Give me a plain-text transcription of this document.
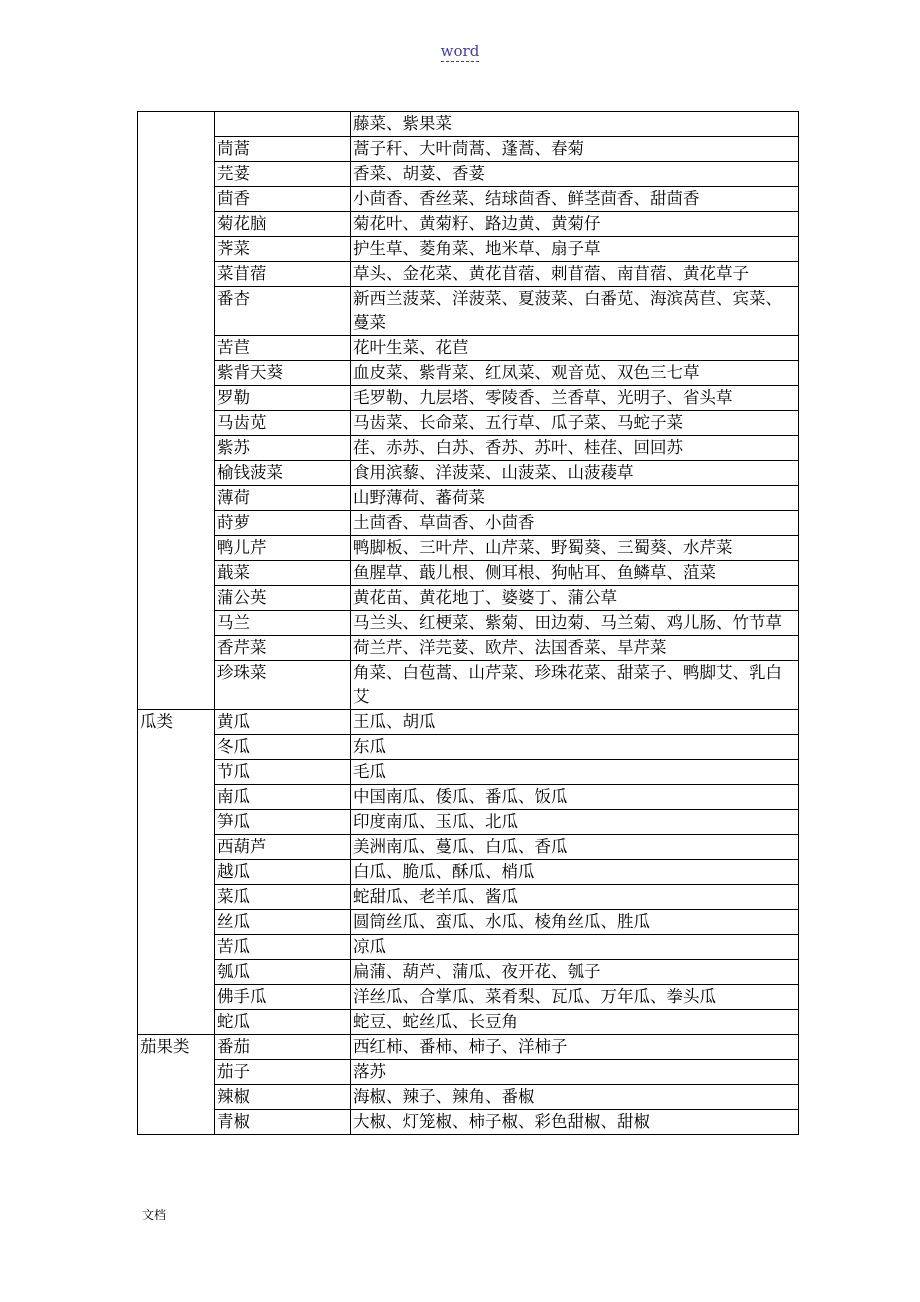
word
		藤菜、紫果菜
	茼蒿	蒿子秆、大叶茼蒿、蓬蒿、春菊
	芫荽	香菜、胡荽、香荽
	茴香	小茴香、香丝菜、结球茴香、鲜茎茴香、甜茴香
	菊花脑	菊花叶、黄菊籽、路边黄、黄菊仔
	荠菜	护生草、菱角菜、地米草、扇子草
	菜苜蓿	草头、金花菜、黄花苜蓿、刺苜蓿、南苜蓿、黄花草子
	番杏	新西兰菠菜、洋菠菜、夏菠菜、白番苋、海滨莴苣、宾菜、蔓菜
	苦苣	花叶生菜、花苣
	紫背天葵	血皮菜、紫背菜、红凤菜、观音苋、双色三七草
	罗勒	毛罗勒、九层塔、零陵香、兰香草、光明子、省头草
	马齿苋	马齿菜、长命菜、五行草、瓜子菜、马蛇子菜
	紫苏	荏、赤苏、白苏、香苏、苏叶、桂荏、回回苏
	榆钱菠菜	食用滨藜、洋菠菜、山菠菜、山菠薐草
	薄荷	山野薄荷、蕃荷菜
	莳萝	土茴香、草茴香、小茴香
	鸭儿芹	鸭脚板、三叶芹、山芹菜、野蜀葵、三蜀葵、水芹菜
	蕺菜	鱼腥草、蕺儿根、侧耳根、狗帖耳、鱼鳞草、菹菜
	蒲公英	黄花苗、黄花地丁、婆婆丁、蒲公草
	马兰	马兰头、红梗菜、紫菊、田边菊、马兰菊、鸡儿肠、竹节草
	香芹菜	荷兰芹、洋芫荽、欧芹、法国香菜、旱芹菜
	珍珠菜	角菜、白苞蒿、山芹菜、珍珠花菜、甜菜子、鸭脚艾、乳白艾
瓜类	黄瓜	王瓜、胡瓜
	冬瓜	东瓜
	节瓜	毛瓜
	南瓜	中国南瓜、倭瓜、番瓜、饭瓜
	笋瓜	印度南瓜、玉瓜、北瓜
	西葫芦	美洲南瓜、蔓瓜、白瓜、香瓜
	越瓜	白瓜、脆瓜、酥瓜、梢瓜
	菜瓜	蛇甜瓜、老羊瓜、酱瓜
	丝瓜	圆筒丝瓜、蛮瓜、水瓜、棱角丝瓜、胜瓜
	苦瓜	凉瓜
	瓠瓜	扁蒲、葫芦、蒲瓜、夜开花、瓠子
	佛手瓜	洋丝瓜、合掌瓜、菜肴梨、瓦瓜、万年瓜、拳头瓜
	蛇瓜	蛇豆、蛇丝瓜、长豆角
茄果类	番茄	西红柿、番柿、柿子、洋柿子
	茄子	落苏
	辣椒	海椒、辣子、辣角、番椒
	青椒	大椒、灯笼椒、柿子椒、彩色甜椒、甜椒
文档
